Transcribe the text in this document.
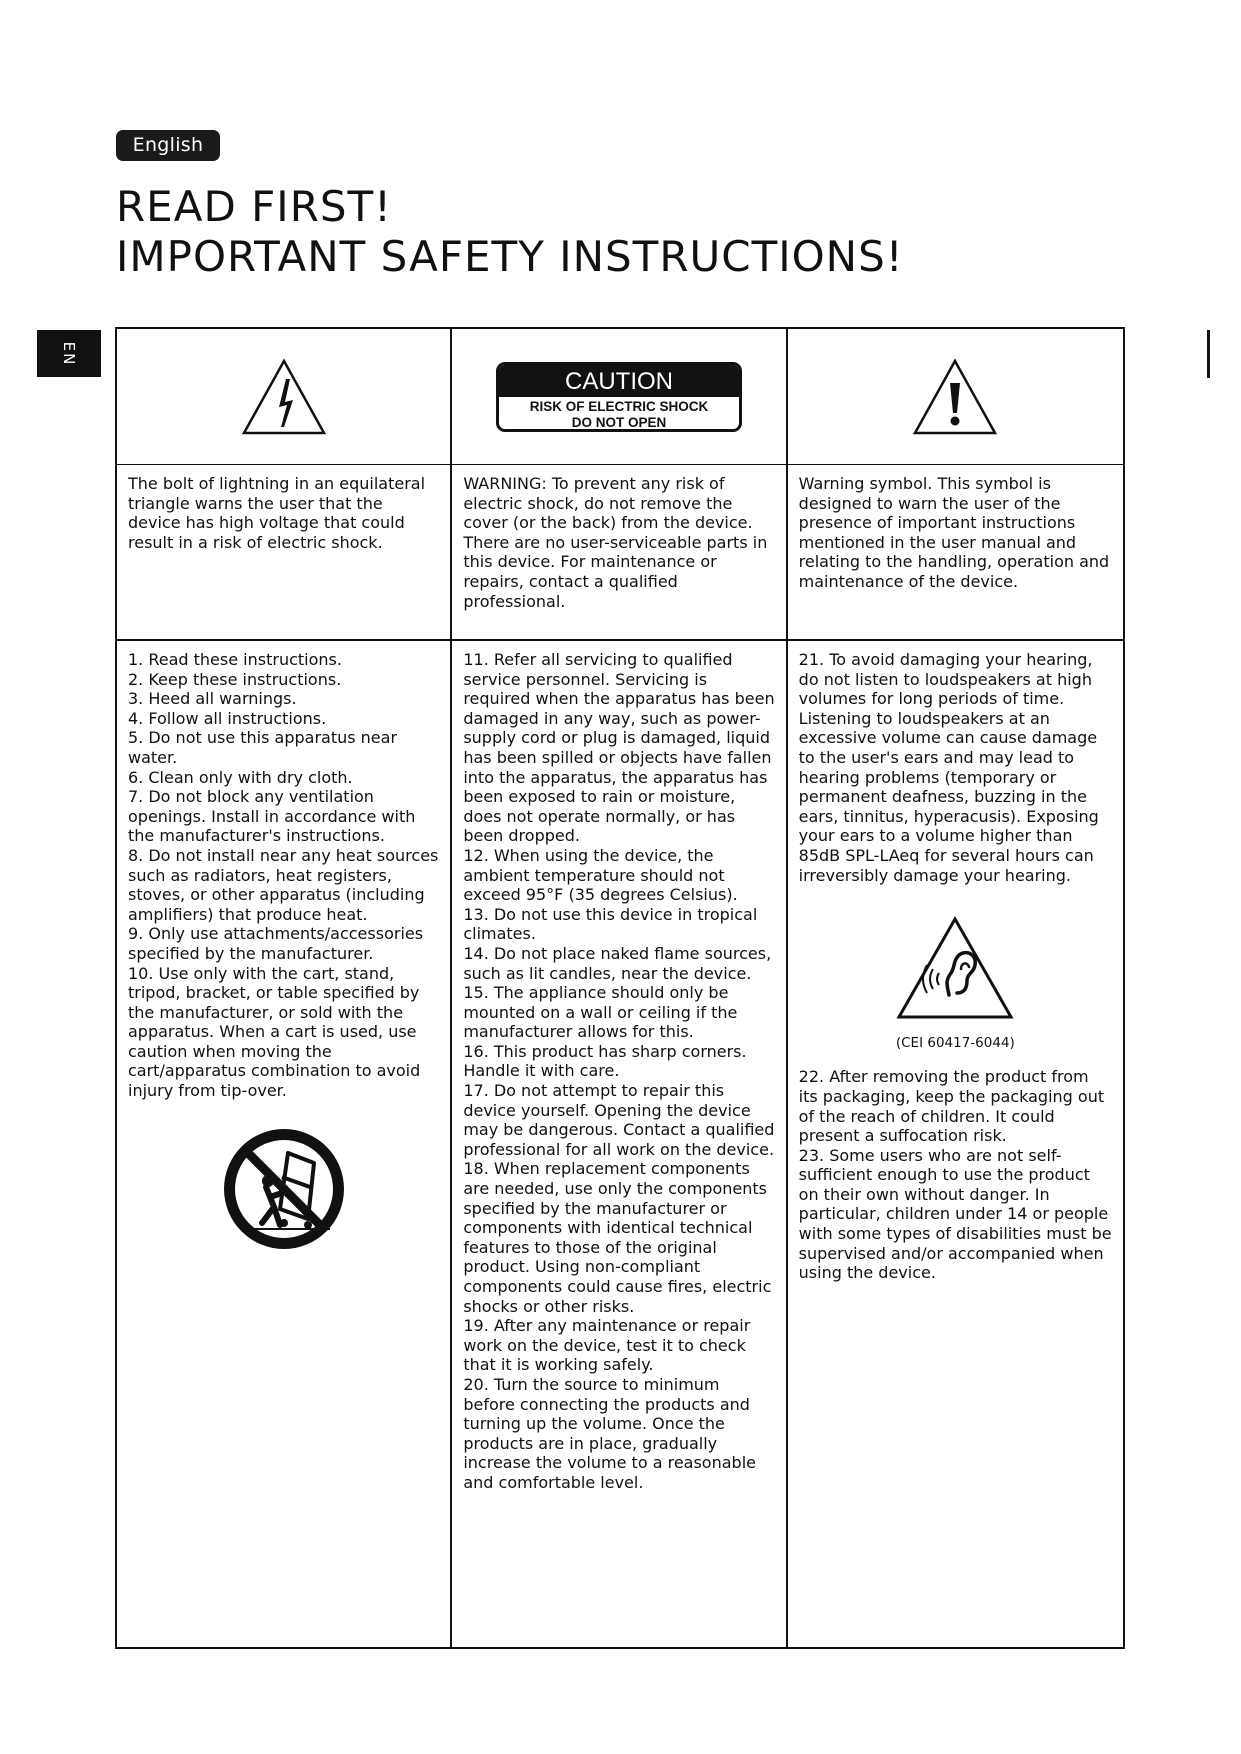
English
READ FIRST!
IMPORTANT SAFETY INSTRUCTIONS!
EN
CAUTION
RISK OF ELECTRIC SHOCK
DO NOT OPEN

The bolt of lightning in an equilateral triangle warns the user that the device has high voltage that could result in a risk of electric shock.

WARNING: To prevent any risk of electric shock, do not remove the cover (or the back) from the device. There are no user-serviceable parts in this device. For maintenance or repairs, contact a qualified professional.

Warning symbol. This symbol is designed to warn the user of the presence of important instructions mentioned in the user manual and relating to the handling, operation and maintenance of the device.

1. Read these instructions.

2. Keep these instructions.

3. Heed all warnings.

4. Follow all instructions.

5. Do not use this apparatus near water.

6. Clean only with dry cloth.

7. Do not block any ventilation openings. Install in accordance with the manufacturer's instructions.

8. Do not install near any heat sources such as radiators, heat registers, stoves, or other apparatus (including amplifiers) that produce heat.

9. Only use attachments/accessories specified by the manufacturer.

10. Use only with the cart, stand, tripod, bracket, or table specified by the manufacturer, or sold with the apparatus. When a cart is used, use caution when moving the cart/apparatus combination to avoid injury from tip-over.

11. Refer all servicing to qualified service personnel. Servicing is required when the apparatus has been damaged in any way, such as power-supply cord or plug is damaged, liquid has been spilled or objects have fallen into the apparatus, the apparatus has been exposed to rain or moisture, does not operate normally, or has been dropped.

12. When using the device, the ambient temperature should not exceed 95°F (35 degrees Celsius).

13. Do not use this device in tropical climates.

14. Do not place naked flame sources, such as lit candles, near the device.

15. The appliance should only be mounted on a wall or ceiling if the manufacturer allows for this.

16. This product has sharp corners. Handle it with care.

17. Do not attempt to repair this device yourself. Opening the device may be dangerous. Contact a qualified professional for all work on the device.

18. When replacement components are needed, use only the components specified by the manufacturer or components with identical technical features to those of the original product. Using non-compliant components could cause fires, electric shocks or other risks.

19. After any maintenance or repair work on the device, test it to check that it is working safely.

20. Turn the source to minimum before connecting the products and turning up the volume. Once the products are in place, gradually increase the volume to a reasonable and comfortable level.

21. To avoid damaging your hearing, do not listen to loudspeakers at high volumes for long periods of time. Listening to loudspeakers at an excessive volume can cause damage to the user's ears and may lead to hearing problems (temporary or permanent deafness, buzzing in the ears, tinnitus, hyperacusis). Exposing your ears to a volume higher than 85dB SPL-LAeq for several hours can irreversibly damage your hearing.

(CEI 60417-6044)

22. After removing the product from its packaging, keep the packaging out of the reach of children. It could present a suffocation risk.

23. Some users who are not self-sufficient enough to use the product on their own without danger. In particular, children under 14 or people with some types of disabilities must be supervised and/or accompanied when using the device.
